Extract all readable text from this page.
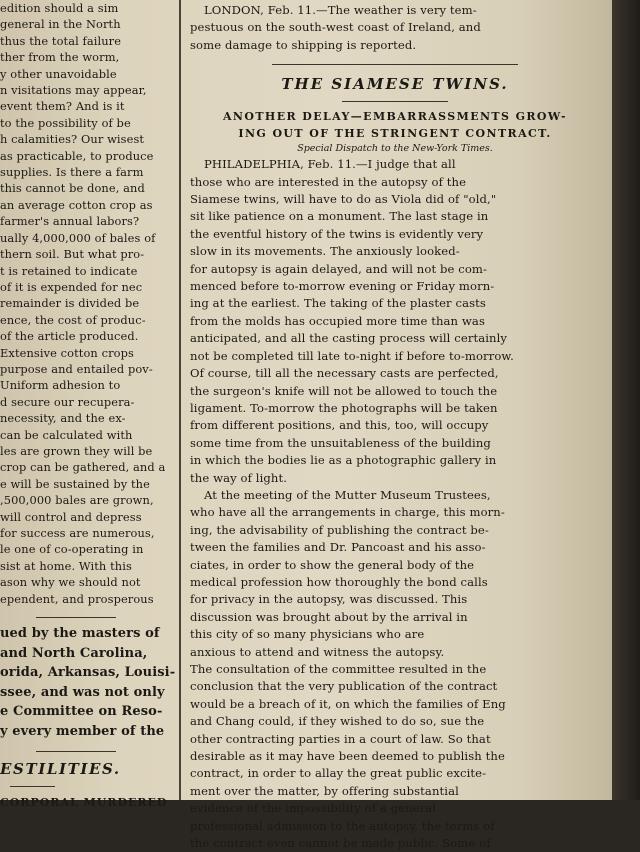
edition should a sim
general in the North
thus the total failure
ther from the worm,
y other unavoidable
n visitations may appear,
event them? And is it
to the possibility of be
h calamities? Our wisest
as practicable, to produce
supplies. Is there a farm
this cannot be done, and
an average cotton crop as
farmer's annual labors?
ually 4,000,000 of bales of
thern soil. But what pro-
t is retained to indicate
of it is expended for nec
remainder is divided be
ence, the cost of produc-
of the article produced.
Extensive cotton crops
purpose and entailed pov-
Uniform adhesion to
d secure our recupera-
necessity, and the ex-
can be calculated with
les are grown they will be
crop can be gathered, and a
e will be sustained by the
,500,000 bales are grown,
will control and depress
for success are numerous,
le one of co-operating in
sist at home. With this
ason why we should not
ependent, and prosperous
ued by the masters of
and North Carolina,
orida, Arkansas, Louisi-
ssee, and was not only
e Committee on Reso-
y every member of the
ESTILITIES.
CORPORAL MURDERED
LONDON, Feb. 11.—The weather is very tem-
pestuous on the south-west coast of Ireland, and
some damage to shipping is reported.
THE SIAMESE TWINS.
ANOTHER DELAY—EMBARRASSMENTS GROW-
ING OUT OF THE STRINGENT CONTRACT.
Special Dispatch to the New-York Times.
PHILADELPHIA, Feb. 11.—I judge that all
those who are interested in the autopsy of the
Siamese twins, will have to do as Viola did of "old,"
sit like patience on a monument. The last stage in
the eventful history of the twins is evidently very
slow in its movements. The anxiously looked-
for autopsy is again delayed, and will not be com-
menced before to-morrow evening or Friday morn-
ing at the earliest. The taking of the plaster casts
from the molds has occupied more time than was
anticipated, and all the casting process will certainly
not be completed till late to-night if before to-morrow.
Of course, till all the necessary casts are perfected,
the surgeon's knife will not be allowed to touch the
ligament. To-morrow the photographs will be taken
from different positions, and this, too, will occupy
some time from the unsuitableness of the building
in which the bodies lie as a photographic gallery in
the way of light.
At the meeting of the Mutter Museum Trustees,
who have all the arrangements in charge, this morn-
ing, the advisability of publishing the contract be-
tween the families and Dr. Pancoast and his asso-
ciates, in order to show the general body of the
medical profession how thoroughly the bond calls
for privacy in the autopsy, was discussed. This
discussion was brought about by the arrival in
this city of so many physicians who are
anxious to attend and witness the autopsy.
The consultation of the committee resulted in the
conclusion that the very publication of the contract
would be a breach of it, on which the families of Eng
and Chang could, if they wished to do so, sue the
other contracting parties in a court of law. So that
desirable as it may have been deemed to publish the
contract, in order to allay the great public excite-
ment over the matter, by offering substantial
evidence of the impossibility of a general
professional admission to the autopsy, the terms of
the contract even cannot be made public. Some of
